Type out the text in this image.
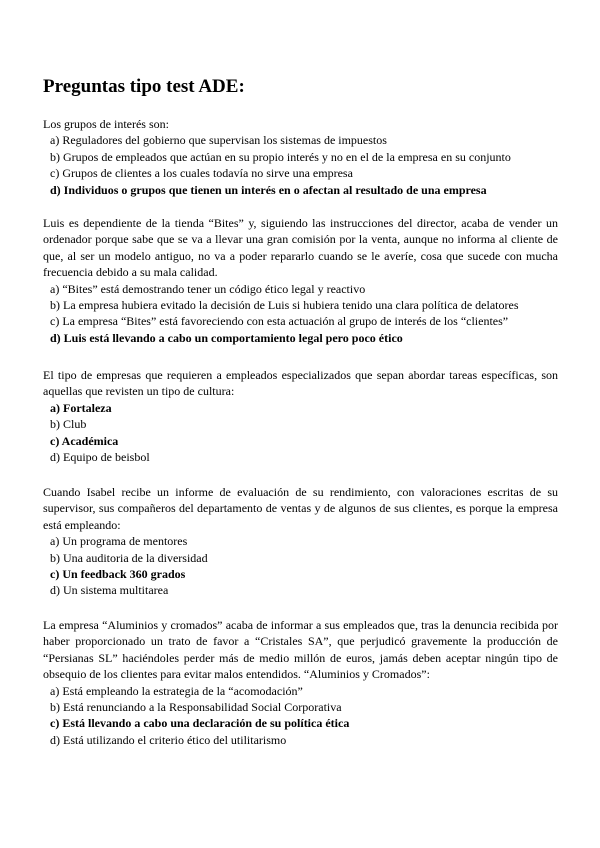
Preguntas tipo test ADE:

Los grupos de interés son:

a) Reguladores del gobierno que supervisan los sistemas de impuestos
b) Grupos de empleados que actúan en su propio interés y no en el de la empresa en su conjunto
c) Grupos de clientes a los cuales todavía no sirve una empresa
d) Individuos o grupos que tienen un interés en o afectan al resultado de una empresa

Luis es dependiente de la tienda “Bites” y, siguiendo las instrucciones del director, acaba de vender un ordenador porque sabe que se va a llevar una gran comisión por la venta, aunque no informa al cliente de que, al ser un modelo antiguo, no va a poder repararlo cuando se le averíe, cosa que sucede con mucha frecuencia debido a su mala calidad.

a) “Bites” está demostrando tener un código ético legal y reactivo
b) La empresa hubiera evitado la decisión de Luis si hubiera tenido una clara política de delatores
c) La empresa “Bites” está favoreciendo con esta actuación al grupo de interés de los “clientes”
d) Luis está llevando a cabo un comportamiento legal pero poco ético

El tipo de empresas que requieren a empleados especializados que sepan abordar tareas específicas, son aquellas que revisten un tipo de cultura:

a) Fortaleza
b) Club
c) Académica
d) Equipo de beisbol

Cuando Isabel recibe un informe de evaluación de su rendimiento, con valoraciones escritas de su supervisor, sus compañeros del departamento de ventas y de algunos de sus clientes, es porque la empresa está empleando:

a) Un programa de mentores
b) Una auditoria de la diversidad
c) Un feedback 360 grados
d) Un sistema multitarea

La empresa “Aluminios y cromados” acaba de informar a sus empleados que, tras la denuncia recibida por haber proporcionado un trato de favor a “Cristales SA”, que perjudicó gravemente la producción de “Persianas SL” haciéndoles perder más de medio millón de euros, jamás deben aceptar ningún tipo de obsequio de los clientes para evitar malos entendidos. “Aluminios y Cromados”:

a) Está empleando la estrategia de la “acomodación”
b) Está renunciando a la Responsabilidad Social Corporativa
c) Está llevando a cabo una declaración de su política ética
d) Está utilizando el criterio ético del utilitarismo
